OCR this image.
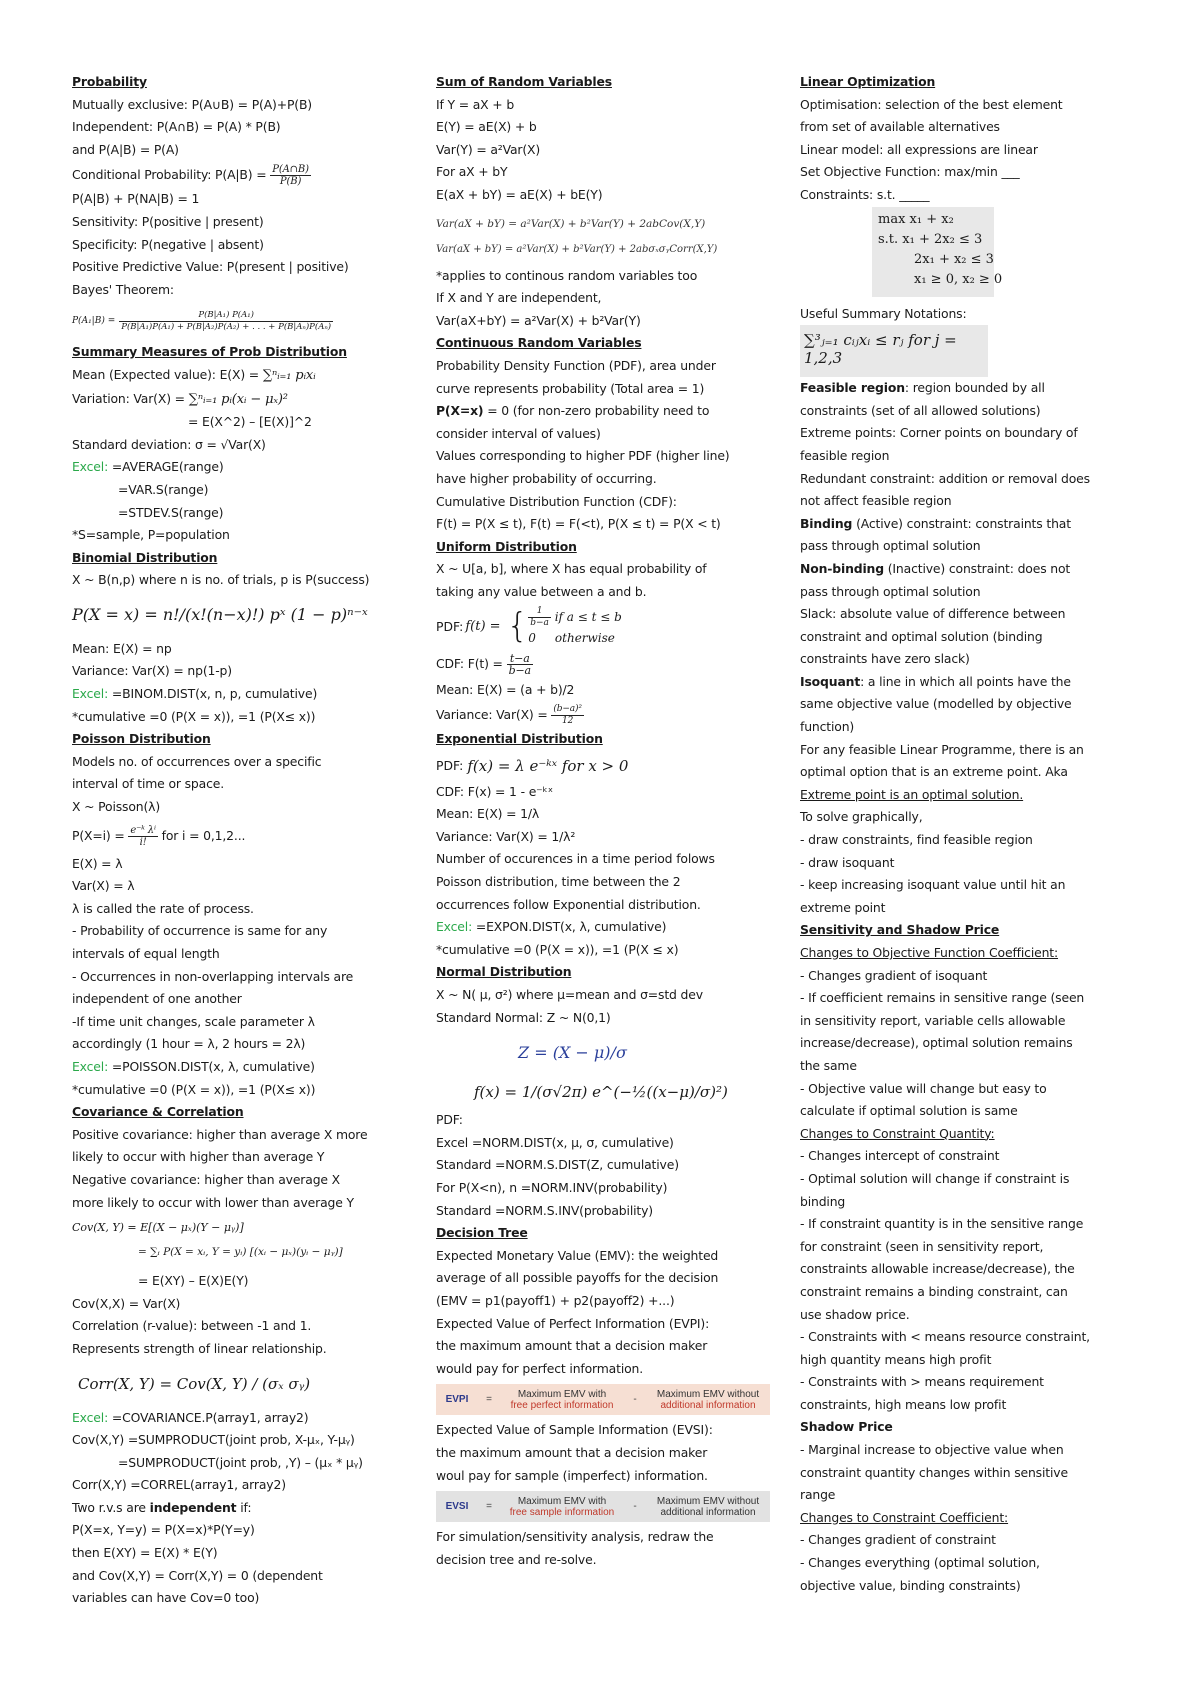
Probability
Mutually exclusive: P(A∪B) = P(A)+P(B)
Independent: P(A∩B) = P(A) * P(B)
and P(A|B) = P(A)
Conditional Probability: $P(A|B) = \frac{P(A\cap B)}{P(B)}$
P(A|B) + P(NA|B) = 1
Sensitivity: P(positive | present)
Specificity: P(negative | absent)
Positive Predictive Value: P(present | positive)
Bayes' Theorem:
$P(A_1|B) = \frac{\text{P(B|A₁) P(A₁)}}{\text{P(B|A₁)P(A₁) + P(B|A₂)P(A₂) + . . . + P(B|Aₙ)P(Aₙ)}}$
Summary Measures of Prob Distribution
Mean (Expected value): E(X) = ∑ⁿᵢ₌₁ pᵢxᵢ
Variation: Var(X) = ∑ⁿᵢ₌₁ pᵢ(xᵢ − μₓ)²
= E(X^2) – [E(X)]^2
Standard deviation: σ = √Var(X)
Excel: =AVERAGE(range)
=VAR.S(range)
=STDEV.S(range)
*S=sample, P=population
Binomial Distribution
X ~ B(n,p) where n is no. of trials, p is P(success)
P(X = x) = n!/(x!(n−x)!) pˣ (1 − p)ⁿ⁻ˣ
Mean: E(X) = np
Variance: Var(X) = np(1-p)
Excel: =BINOM.DIST(x, n, p, cumulative)
*cumulative =0 (P(X = x)), =1 (P(X≤ x))
Poisson Distribution
Models no. of occurrences over a specific
interval of time or space.
X ~ Poisson(λ)
$P(X=i) = \frac{\text{e⁻ᵏ λⁱ}}{i!}$ for i = 0,1,2...
E(X) = λ
Var(X) = λ
λ is called the rate of process.
- Probability of occurrence is same for any
intervals of equal length
- Occurrences in non-overlapping intervals are
independent of one another
-If time unit changes, scale parameter λ
accordingly (1 hour = λ, 2 hours = 2λ)
Excel: =POISSON.DIST(x, λ, cumulative)
*cumulative =0 (P(X = x)), =1 (P(X≤ x))
Covariance & Correlation
Positive covariance: higher than average X more
likely to occur with higher than average Y
Negative covariance: higher than average X
more likely to occur with lower than average Y
Cov(X, Y) = E[(X − μₓ)(Y − μᵧ)]
= ∑ᵢ P(X = xᵢ, Y = yᵢ) [(xᵢ − μₓ)(yᵢ − μᵧ)]
= E(XY) – E(X)E(Y)
Cov(X,X) = Var(X)
Correlation (r-value): between -1 and 1.
Represents strength of linear relationship.
Corr(X, Y) = Cov(X, Y) / (σₓ σᵧ)
Excel: =COVARIANCE.P(array1, array2)
Cov(X,Y) =SUMPRODUCT(joint prob, X-μₓ, Y-μᵧ)
=SUMPRODUCT(joint prob, ,Y) – (μₓ * μᵧ)
Corr(X,Y) =CORREL(array1, array2)
Two r.v.s are independent if:
P(X=x, Y=y) = P(X=x)*P(Y=y)
then E(XY) = E(X) * E(Y)
and Cov(X,Y) = Corr(X,Y) = 0 (dependent
variables can have Cov=0 too)
Sum of Random Variables
If Y = aX + b
E(Y) = aE(X) + b
Var(Y) = a²Var(X)
For aX + bY
E(aX + bY) = aE(X) + bE(Y)
Var(aX + bY) = a²Var(X) + b²Var(Y) + 2abCov(X,Y)
Var(aX + bY) = a²Var(X) + b²Var(Y) + 2abσₓσᵧCorr(X,Y)
*applies to continous random variables too
If X and Y are independent,
Var(aX+bY) = a²Var(X) + b²Var(Y)
Continuous Random Variables
Probability Density Function (PDF), area under
curve represents probability (Total area = 1)
P(X=x) = 0 (for non-zero probability need to
consider interval of values)
Values corresponding to higher PDF (higher line)
have higher probability of occurring.
Cumulative Distribution Function (CDF):
F(t) = P(X ≤ t), F(t) = F(<t), P(X ≤ t) = P(X < t)
Uniform Distribution
X ~ U[a, b], where X has equal probability of
taking any value between a and b.
PDF: f(t) = { $\frac{1}{b-a}$ if a ≤ t ≤ b
0     otherwise
CDF: $F(t) = \frac{t-a}{b-a}$
Mean: E(X) = (a + b)/2
Variance: $Var(X) = \frac{\text{(b−a)²}}{12}$
Exponential Distribution
PDF: f(x) = λ e⁻ᵏˣ for x > 0
CDF: F(x) = 1 - e⁻ᵏˣ
Mean: E(X) = 1/λ
Variance: Var(X) = 1/λ²
Number of occurences in a time period folows
Poisson distribution, time between the 2
occurrences follow Exponential distribution.
Excel: =EXPON.DIST(x, λ, cumulative)
*cumulative =0 (P(X = x)), =1 (P(X ≤ x)
Normal Distribution
X ~ N( μ, σ²) where μ=mean and σ=std dev
Standard Normal: Z ~ N(0,1)
Z = (X − μ)/σ
f(x) = 1/(σ√2π) e^(−½((x−μ)/σ)²)
PDF:
Excel =NORM.DIST(x, μ, σ, cumulative)
Standard =NORM.S.DIST(Z, cumulative)
For P(X<n), n =NORM.INV(probability)
Standard =NORM.S.INV(probability)
Decision Tree
Expected Monetary Value (EMV): the weighted
average of all possible payoffs for the decision
(EMV = p1(payoff1) + p2(payoff2) +...)
Expected Value of Perfect Information (EVPI):
the maximum amount that a decision maker
would pay for perfect information.
EVPI	=	Maximum EMV with
free perfect information	-	Maximum EMV without
additional information
Expected Value of Sample Information (EVSI):
the maximum amount that a decision maker
woul pay for sample (imperfect) information.
EVSI	=	Maximum EMV with
free sample information	-	Maximum EMV without
additional information
For simulation/sensitivity analysis, redraw the
decision tree and re-solve.
Linear Optimization
Optimisation: selection of the best element
from set of available alternatives
Linear model: all expressions are linear
Set Objective Function: max/min ___
Constraints: s.t. _____
max x₁ + x₂
s.t. x₁ + 2x₂ ≤ 3
2x₁ + x₂ ≤ 3
x₁ ≥ 0, x₂ ≥ 0
Useful Summary Notations:
∑³ⱼ₌₁ cᵢⱼxᵢ ≤ rⱼ for j = 1,2,3
Feasible region: region bounded by all
constraints (set of all allowed solutions)
Extreme points: Corner points on boundary of
feasible region
Redundant constraint: addition or removal does
not affect feasible region
Binding (Active) constraint: constraints that
pass through optimal solution
Non-binding (Inactive) constraint: does not
pass through optimal solution
Slack: absolute value of difference between
constraint and optimal solution (binding
constraints have zero slack)
Isoquant: a line in which all points have the
same objective value (modelled by objective
function)
For any feasible Linear Programme, there is an
optimal option that is an extreme point. Aka
Extreme point is an optimal solution.
To solve graphically,
- draw constraints, find feasible region
- draw isoquant
- keep increasing isoquant value until hit an
extreme point
Sensitivity and Shadow Price
Changes to Objective Function Coefficient:
- Changes gradient of isoquant
- If coefficient remains in sensitive range (seen
in sensitivity report, variable cells allowable
increase/decrease), optimal solution remains
the same
- Objective value will change but easy to
calculate if optimal solution is same
Changes to Constraint Quantity:
- Changes intercept of constraint
- Optimal solution will change if constraint is
binding
- If constraint quantity is in the sensitive range
for constraint (seen in sensitivity report,
constraints allowable increase/decrease), the
constraint remains a binding constraint, can
use shadow price.
- Constraints with < means resource constraint,
high quantity means high profit
- Constraints with > means requirement
constraints, high means low profit
Shadow Price
- Marginal increase to objective value when
constraint quantity changes within sensitive
range
Changes to Constraint Coefficient:
- Changes gradient of constraint
- Changes everything (optimal solution,
objective value, binding constraints)
